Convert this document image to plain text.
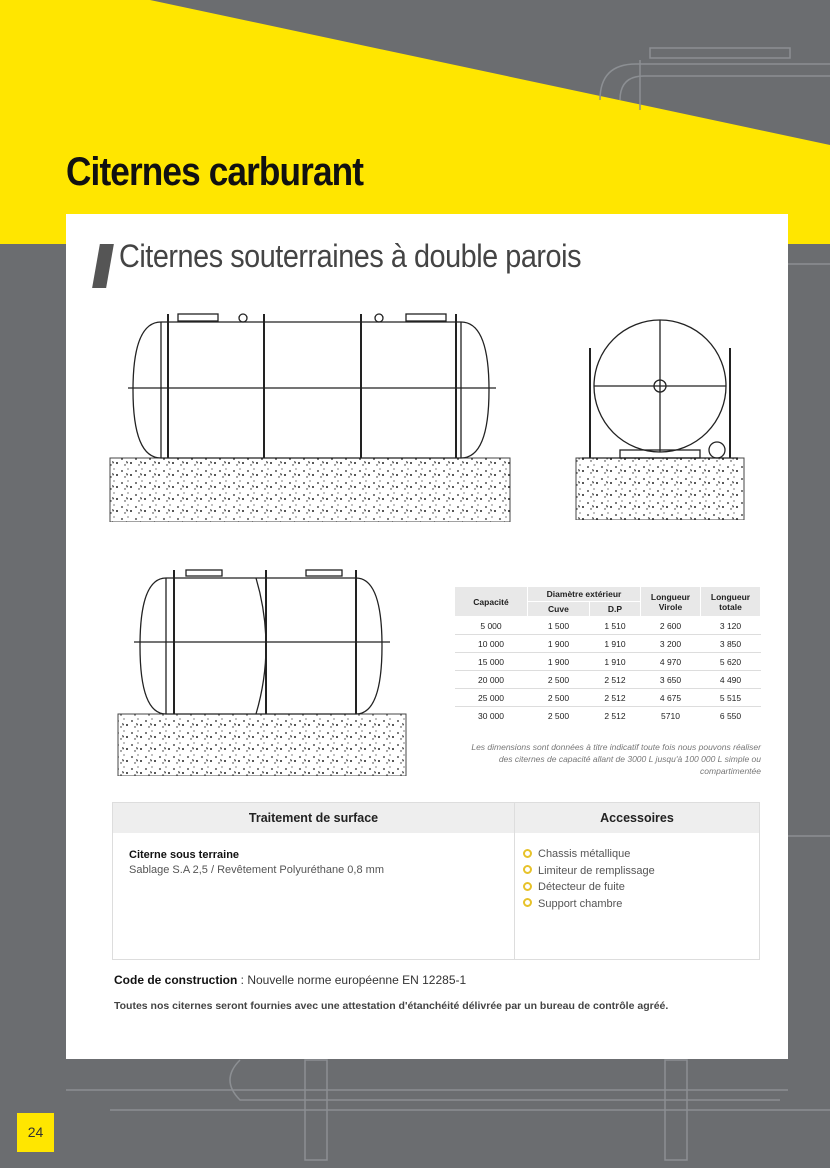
Citernes carburant
Citernes souterraines à double parois
Capacité	Diamètre extérieur		Longueur Virole	Longueur totale
	Cuve	D.P		
5 000	1 500	1 510	2 600	3 120
10 000	1 900	1 910	3 200	3 850
15 000	1 900	1 910	4 970	5 620
20 000	2 500	2 512	3 650	4 490
25 000	2 500	2 512	4 675	5 515
30 000	2 500	2 512	5710	6 550
Les dimensions sont données à titre indicatif toute fois nous pouvons réaliser des citernes de capacité allant de 3000 L jusqu'à 100 000 L simple ou compartimentée
Traitement de surface	Accessoires
Citerne sous terraine
Sablage S.A 2,5 / Revêtement Polyuréthane 0,8 mm
Chassis métallique
Limiteur de remplissage
Détecteur de fuite
Support chambre
Code de construction : Nouvelle norme européenne EN 12285-1
Toutes nos citernes seront fournies avec une attestation d'étanchéité délivrée par un bureau de contrôle agréé.
24
